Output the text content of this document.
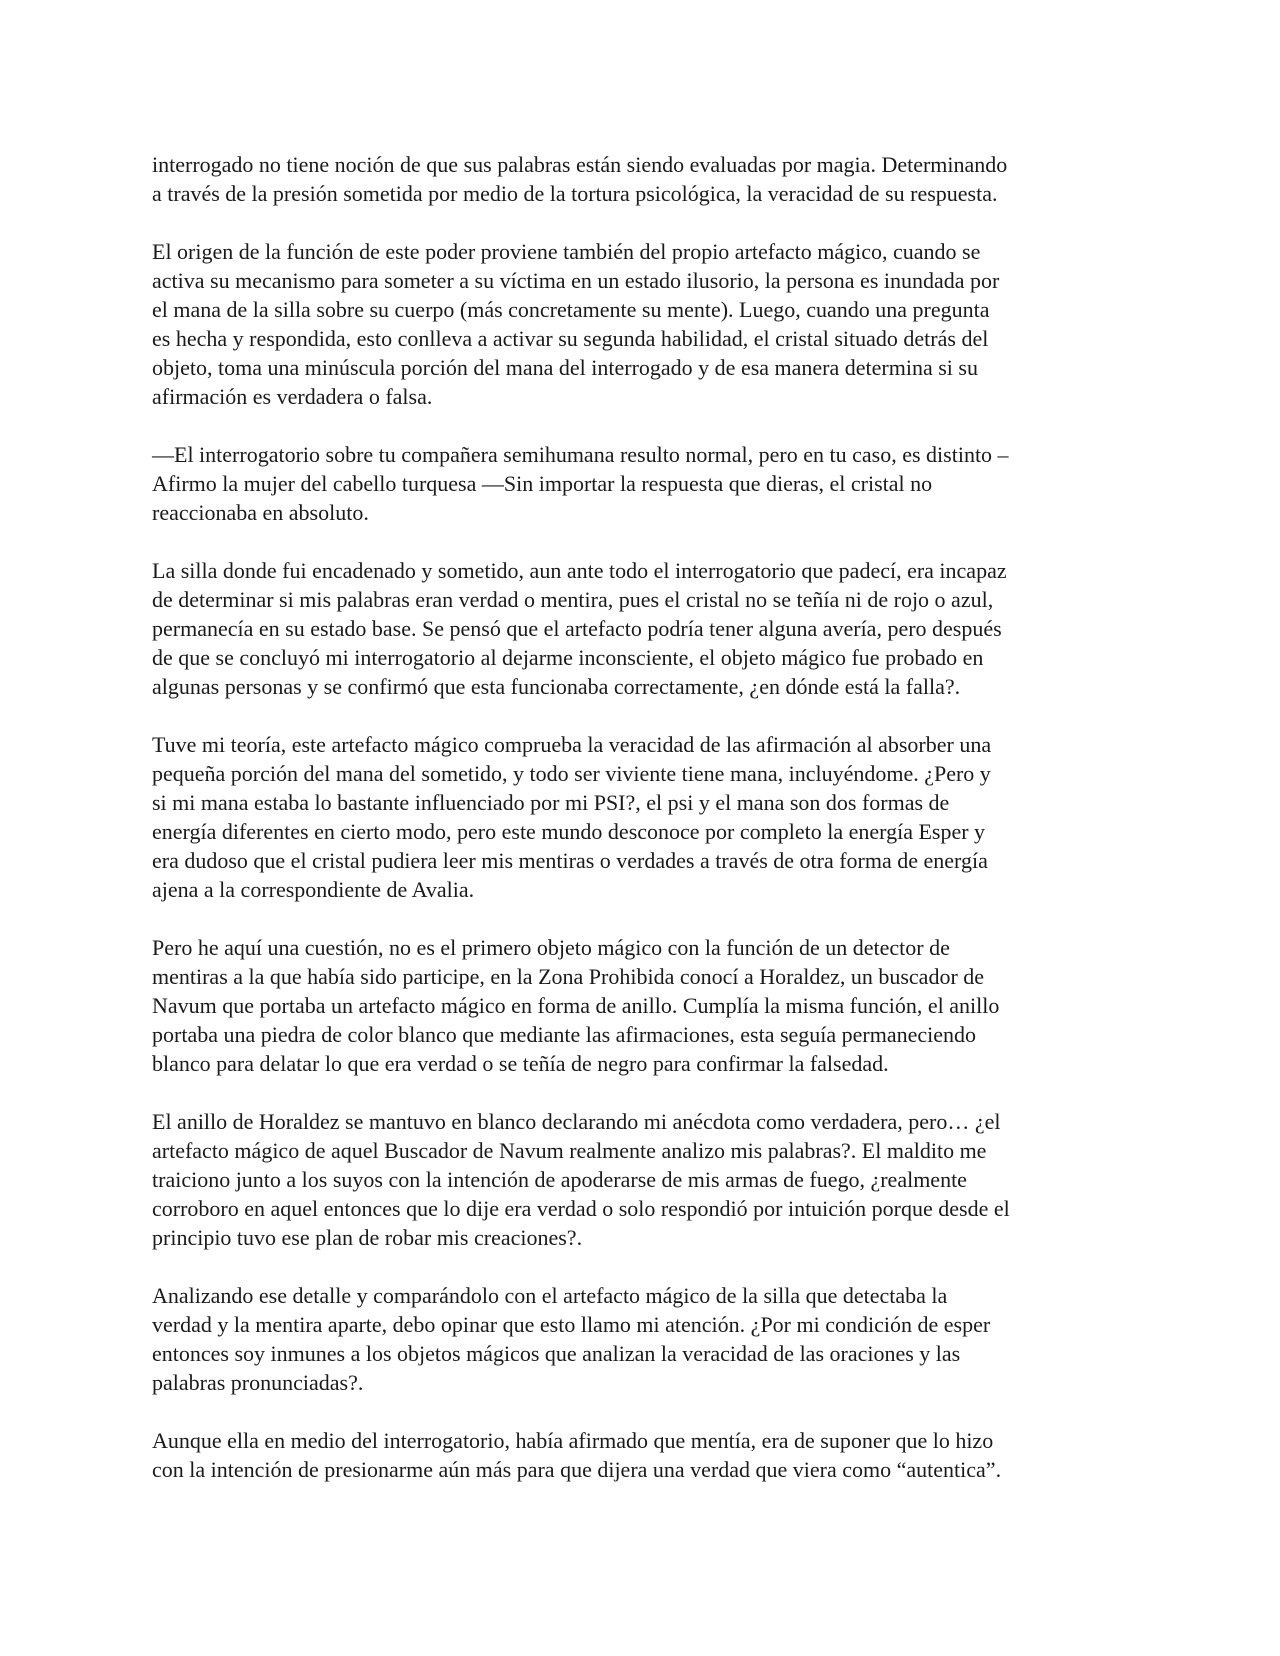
interrogado no tiene noción de que sus palabras están siendo evaluadas por magia. Determinando
a través de la presión sometida por medio de la tortura psicológica, la veracidad de su respuesta.

El origen de la función de este poder proviene también del propio artefacto mágico, cuando se
activa su mecanismo para someter a su víctima en un estado ilusorio, la persona es inundada por
el mana de la silla sobre su cuerpo (más concretamente su mente). Luego, cuando una pregunta
es hecha y respondida, esto conlleva a activar su segunda habilidad, el cristal situado detrás del
objeto, toma una minúscula porción del mana del interrogado y de esa manera determina si su
afirmación es verdadera o falsa.

—El interrogatorio sobre tu compañera semihumana resulto normal, pero en tu caso, es distinto –
Afirmo la mujer del cabello turquesa —Sin importar la respuesta que dieras, el cristal no
reaccionaba en absoluto.

La silla donde fui encadenado y sometido, aun ante todo el interrogatorio que padecí, era incapaz
de determinar si mis palabras eran verdad o mentira, pues el cristal no se teñía ni de rojo o azul,
permanecía en su estado base. Se pensó que el artefacto podría tener alguna avería, pero después
de que se concluyó mi interrogatorio al dejarme inconsciente, el objeto mágico fue probado en
algunas personas y se confirmó que esta funcionaba correctamente, ¿en dónde está la falla?.

Tuve mi teoría, este artefacto mágico comprueba la veracidad de las afirmación al absorber una
pequeña porción del mana del sometido, y todo ser viviente tiene mana, incluyéndome. ¿Pero y
si mi mana estaba lo bastante influenciado por mi PSI?, el psi y el mana son dos formas de
energía diferentes en cierto modo, pero este mundo desconoce por completo la energía Esper y
era dudoso que el cristal pudiera leer mis mentiras o verdades a través de otra forma de energía
ajena a la correspondiente de Avalia.

Pero he aquí una cuestión, no es el primero objeto mágico con la función de un detector de
mentiras a la que había sido participe, en la Zona Prohibida conocí a Horaldez, un buscador de
Navum que portaba un artefacto mágico en forma de anillo. Cumplía la misma función, el anillo
portaba una piedra de color blanco que mediante las afirmaciones, esta seguía permaneciendo
blanco para delatar lo que era verdad o se teñía de negro para confirmar la falsedad.

El anillo de Horaldez se mantuvo en blanco declarando mi anécdota como verdadera, pero… ¿el
artefacto mágico de aquel Buscador de Navum realmente analizo mis palabras?. El maldito me
traiciono junto a los suyos con la intención de apoderarse de mis armas de fuego, ¿realmente
corroboro en aquel entonces que lo dije era verdad o solo respondió por intuición porque desde el
principio tuvo ese plan de robar mis creaciones?.

Analizando ese detalle y comparándolo con el artefacto mágico de la silla que detectaba la
verdad y la mentira aparte, debo opinar que esto llamo mi atención. ¿Por mi condición de esper
entonces soy inmunes a los objetos mágicos que analizan la veracidad de las oraciones y las
palabras pronunciadas?.

Aunque ella en medio del interrogatorio, había afirmado que mentía, era de suponer que lo hizo
con la intención de presionarme aún más para que dijera una verdad que viera como “autentica”.
